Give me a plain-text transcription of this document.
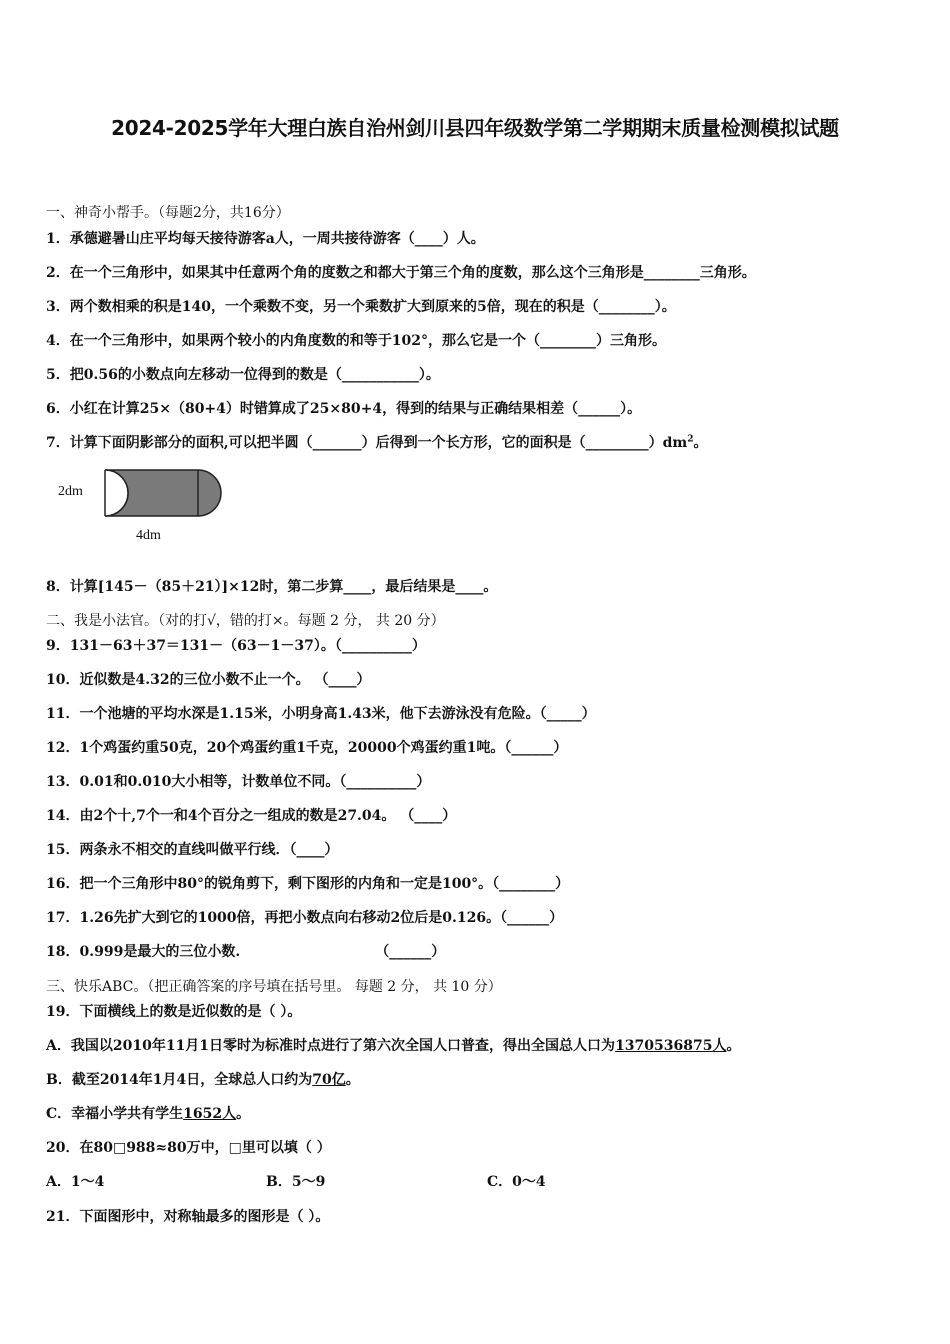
2024-2025学年大理白族自治州剑川县四年级数学第二学期期末质量检测模拟试题
一、神奇小帮手。（每题2分，共16分）
1．承德避暑山庄平均每天接待游客a人，一周共接待游客（____）人。
2．在一个三角形中，如果其中任意两个角的度数之和都大于第三个角的度数，那么这个三角形是________三角形。
3．两个数相乘的积是140，一个乘数不变，另一个乘数扩大到原来的5倍，现在的积是（________）。
4．在一个三角形中，如果两个较小的内角度数的和等于102°，那么它是一个（________）三角形。
5．把0.56的小数点向左移动一位得到的数是（___________）。
6．小红在计算25×（80+4）时错算成了25×80+4，得到的结果与正确结果相差（______）。
7．计算下面阴影部分的面积,可以把半圆（_______）后得到一个长方形，它的面积是$(\_\_\_\_\_\_\_\_\_)dm^2$。
2dm
4dm
8．计算[145－（85＋21）]×12时，第二步算____，最后结果是____。
二、我是小法官。（对的打√，错的打×。每题 2 分， 共 20 分）
9．131－63＋37＝131－（63－1－37）。（__________）
10．近似数是4.32的三位小数不止一个。 （____）
11．一个池塘的平均水深是1.15米，小明身高1.43米，他下去游泳没有危险。（_____）
12．1个鸡蛋约重50克，20个鸡蛋约重1千克，20000个鸡蛋约重1吨。（______）
13．0.01和0.010大小相等，计数单位不同。（__________）
14．由2个十,7个一和4个百分之一组成的数是27.04。 （____）
15．两条永不相交的直线叫做平行线．（____）
16．把一个三角形中80°的锐角剪下，剩下图形的内角和一定是100°。（________）
17．1.26先扩大到它的1000倍，再把小数点向右移动2位后是0.126。（______）
18．0.999是最大的三位小数.	（______）
三、快乐ABC。（把正确答案的序号填在括号里。 每题 2 分， 共 10 分）
19．下面横线上的数是近似数的是（ ）。
A．我国以2010年11月1日零时为标准时点进行了第六次全国人口普查，得出全国总人口为1370536875人。
B．截至2014年1月4日，全球总人口约为70亿。
C．幸福小学共有学生1652人。
20．在80□988≈80万中，□里可以填（ ）
A．1～4	B．5～9	C．0～4
21．下面图形中，对称轴最多的图形是（ ）。
